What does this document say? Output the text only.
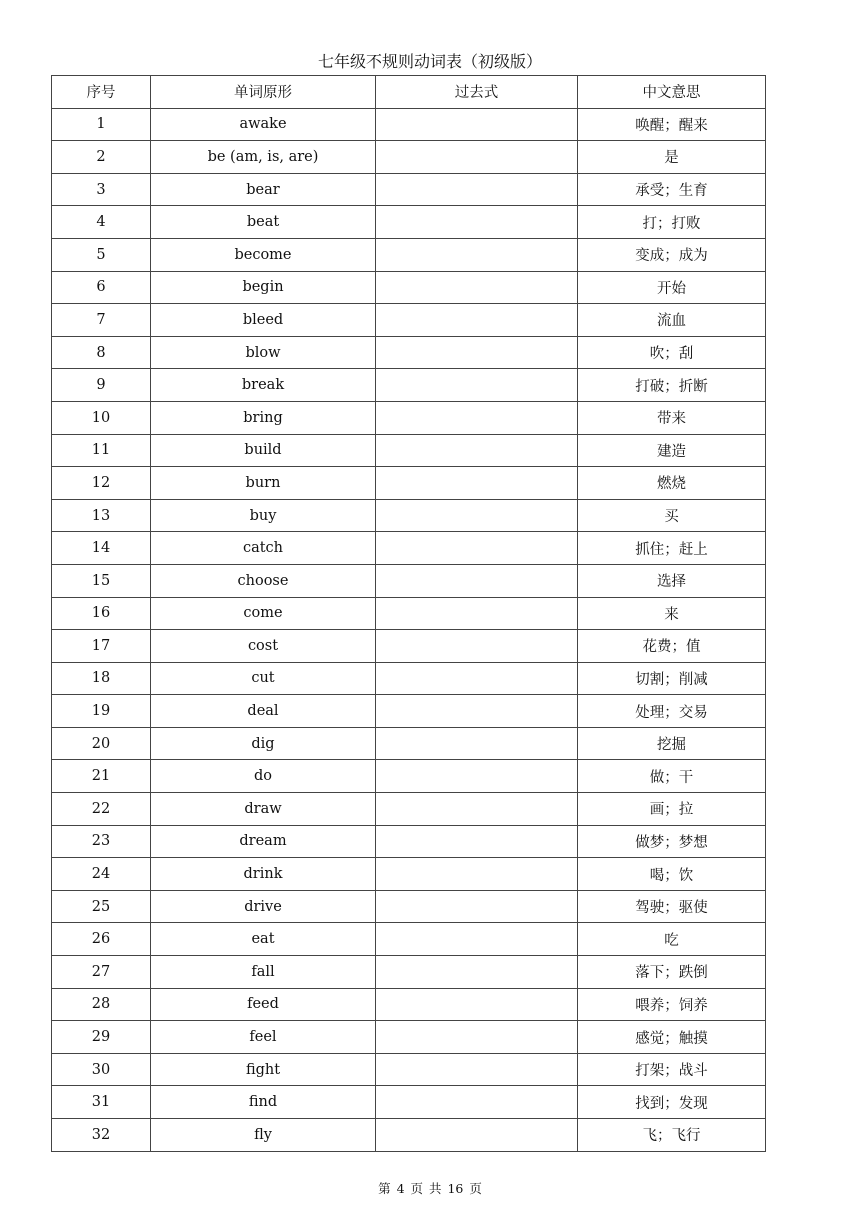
七年级不规则动词表（初级版）
序号	单词原形	过去式	中文意思
1	awake		唤醒；醒来
2	be (am, is, are)		是
3	bear		承受；生育
4	beat		打；打败
5	become		变成；成为
6	begin		开始
7	bleed		流血
8	blow		吹；刮
9	break		打破；折断
10	bring		带来
11	build		建造
12	burn		燃烧
13	buy		买
14	catch		抓住；赶上
15	choose		选择
16	come		来
17	cost		花费；值
18	cut		切割；削减
19	deal		处理；交易
20	dig		挖掘
21	do		做；干
22	draw		画；拉
23	dream		做梦；梦想
24	drink		喝；饮
25	drive		驾驶；驱使
26	eat		吃
27	fall		落下；跌倒
28	feed		喂养；饲养
29	feel		感觉；触摸
30	fight		打架；战斗
31	find		找到；发现
32	fly		飞；飞行
第 4 页 共 16 页
